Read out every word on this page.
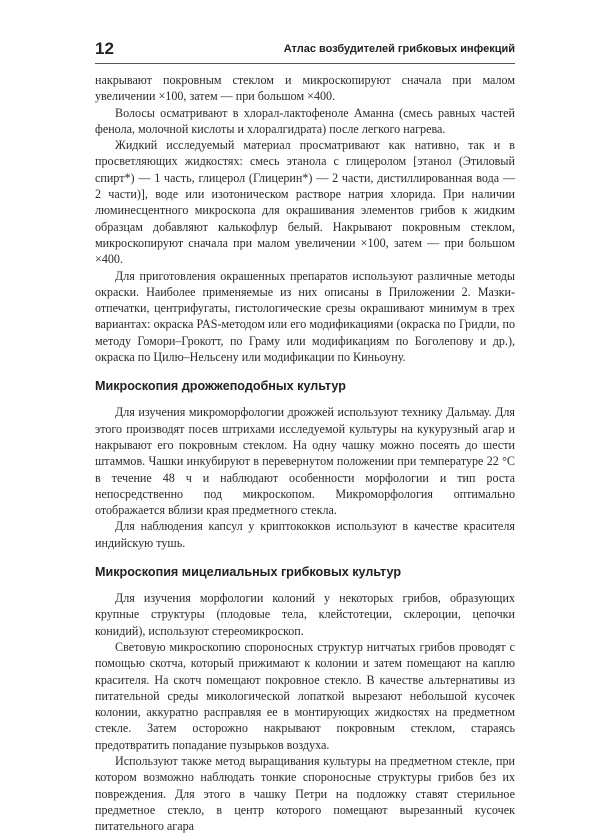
12	Атлас возбудителей грибковых инфекций

накрывают покровным стеклом и микроскопируют сначала при малом увеличении ×100, затем — при большом ×400.

Волосы осматривают в хлорал-лактофеноле Аманна (смесь равных частей фенола, молочной кислоты и хлоралгидрата) после легкого нагрева.

Жидкий исследуемый материал просматривают как нативно, так и в просветляющих жидкостях: смесь этанола с глицеролом [этанол (Этиловый спирт*) — 1 часть, глицерол (Глицерин*) — 2 части, дистиллированная вода — 2 части)], воде или изотоническом растворе натрия хлорида. При наличии люминесцентного микроскопа для окрашивания элементов грибов к жидким образцам добавляют калькофлур белый. Накрывают покровным стеклом, микроскопируют сначала при малом увеличении ×100, затем — при большом ×400.

Для приготовления окрашенных препаратов используют различные методы окраски. Наиболее применяемые из них описаны в Приложении 2. Мазки-отпечатки, центрифугаты, гистологические срезы окрашивают минимум в трех вариантах: окраска PAS-методом или его модификациями (окраска по Гридли, по методу Гомори–Грокотт, по Граму или модификациям по Боголепову и др.), окраска по Цилю–Нельсену или модификации по Киньоуну.

Микроскопия дрожжеподобных культур

Для изучения микроморфологии дрожжей используют технику Дальмау. Для этого производят посев штрихами исследуемой культуры на кукурузный агар и накрывают его покровным стеклом. На одну чашку можно посеять до шести штаммов. Чашки инкубируют в перевернутом положении при температуре 22 °С в течение 48 ч и наблюдают особенности морфологии и тип роста непосредственно под микроскопом. Микроморфология оптимально отображается вблизи края предметного стекла.

Для наблюдения капсул у криптококков используют в качестве красителя индийскую тушь.

Микроскопия мицелиальных грибковых культур

Для изучения морфологии колоний у некоторых грибов, образующих крупные структуры (плодовые тела, клейстотеции, склероции, цепочки конидий), используют стереомикроскоп.

Световую микроскопию спороносных структур нитчатых грибов проводят с помощью скотча, который прижимают к колонии и затем помещают на каплю красителя. На скотч помещают покровное стекло. В качестве альтернативы из питательной среды микологической лопаткой вырезают небольшой кусочек колонии, аккуратно расправляя ее в монтирующих жидкостях на предметном стекле. Затем осторожно накрывают покровным стеклом, стараясь предотвратить попадание пузырьков воздуха.

Используют также метод выращивания культуры на предметном стекле, при котором возможно наблюдать тонкие спороносные структуры грибов без их повреждения. Для этого в чашку Петри на подложку ставят стерильное предметное стекло, в центр которого помещают вырезанный кусочек питательного агара
